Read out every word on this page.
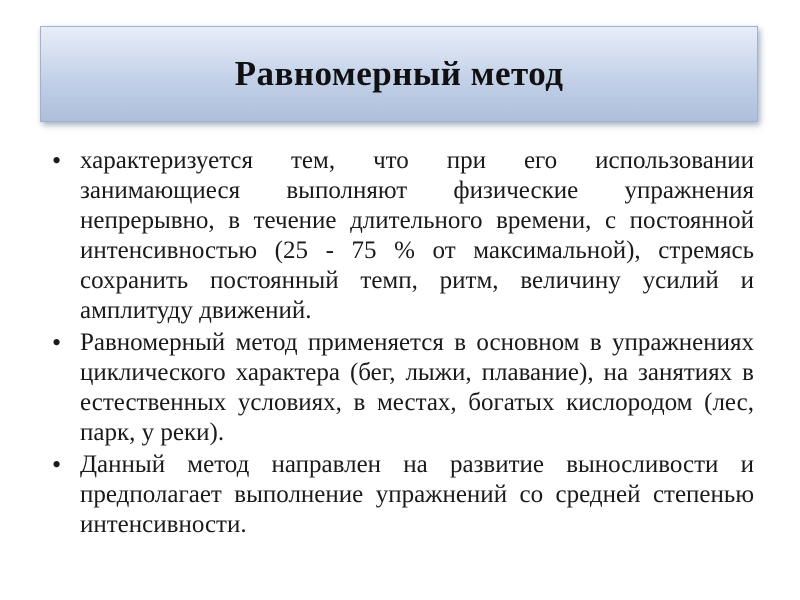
Равномерный метод
• характеризуется тем, что при его использовании занимающиеся выполняют физические упражнения непрерывно, в течение длительного времени, с постоянной интенсивностью (25 - 75 % от максимальной), стремясь сохранить постоянный темп, ритм, величину усилий и амплитуду движений.
• Равномерный метод применяется в основном в упражнениях циклического характера (бег, лыжи, плавание), на занятиях в естественных условиях, в местах, богатых кислородом (лес, парк, у реки).
• Данный метод направлен на развитие выносливости и предполагает выполнение упражнений со средней степенью интенсивности.
